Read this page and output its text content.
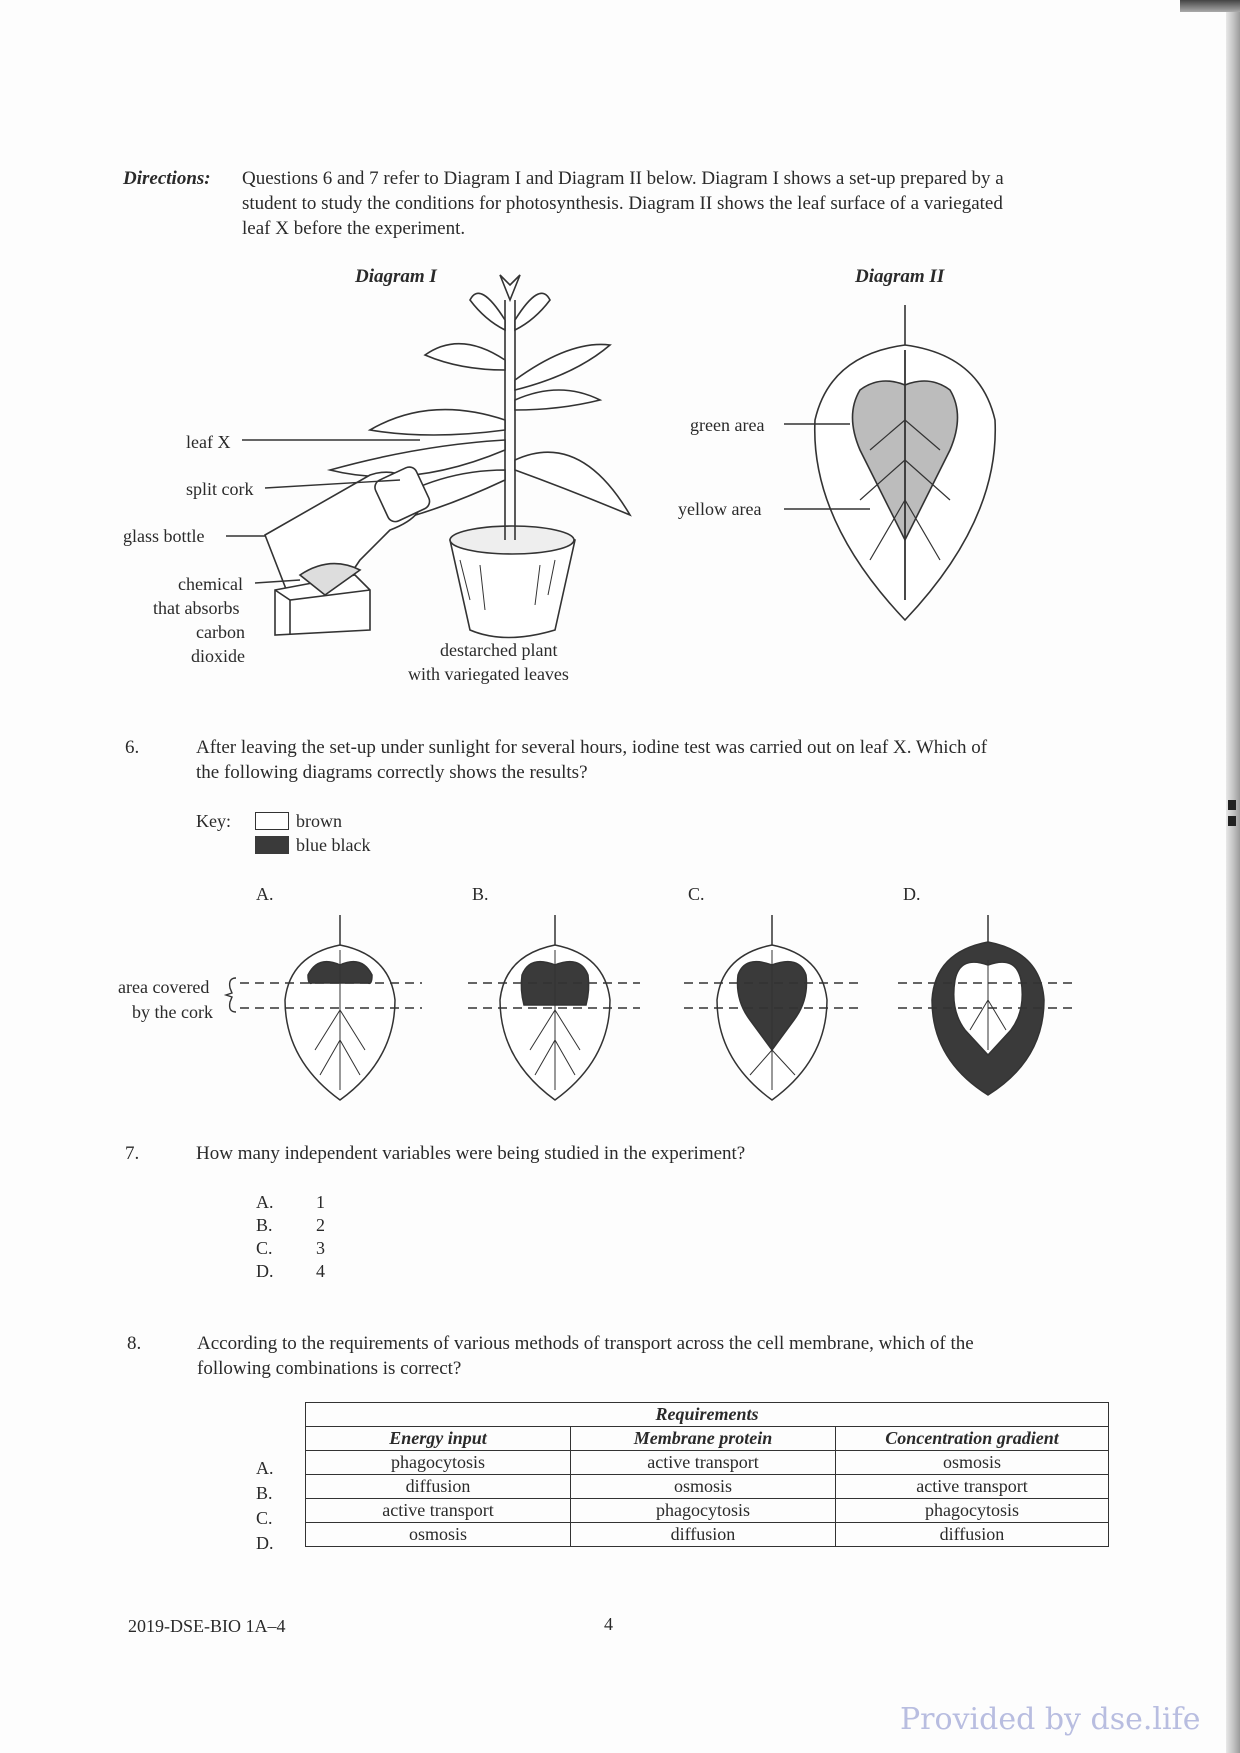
Directions: Questions 6 and 7 refer to Diagram I and Diagram II below. Diagram I shows a set-up prepared by a
student to study the conditions for photosynthesis. Diagram II shows the leaf surface of a variegated
leaf X before the experiment.
Diagram I	Diagram II
leaf X
split cork
glass bottle
chemical
that absorbs
carbon
dioxide	destarched plant
with variegated leaves
green area
yellow area
6.	After leaving the set-up under sunlight for several hours, iodine test was carried out on leaf X. Which of
the following diagrams correctly shows the results?
Key:	brown
blue black
A.	B.	C.	D.
area covered
by the cork
7.	How many independent variables were being studied in the experiment?
A. 1
B. 2
C. 3
D. 4
8.	According to the requirements of various methods of transport across the cell membrane, which of the
following combinations is correct?
Requirements		
Energy input	Membrane protein	Concentration gradient
phagocytosis	active transport	osmosis
diffusion	osmosis	active transport
active transport	phagocytosis	phagocytosis
osmosis	diffusion	diffusion
A.
B.
C.
D.
2019-DSE-BIO 1A–4	4
Provided by dse.life
